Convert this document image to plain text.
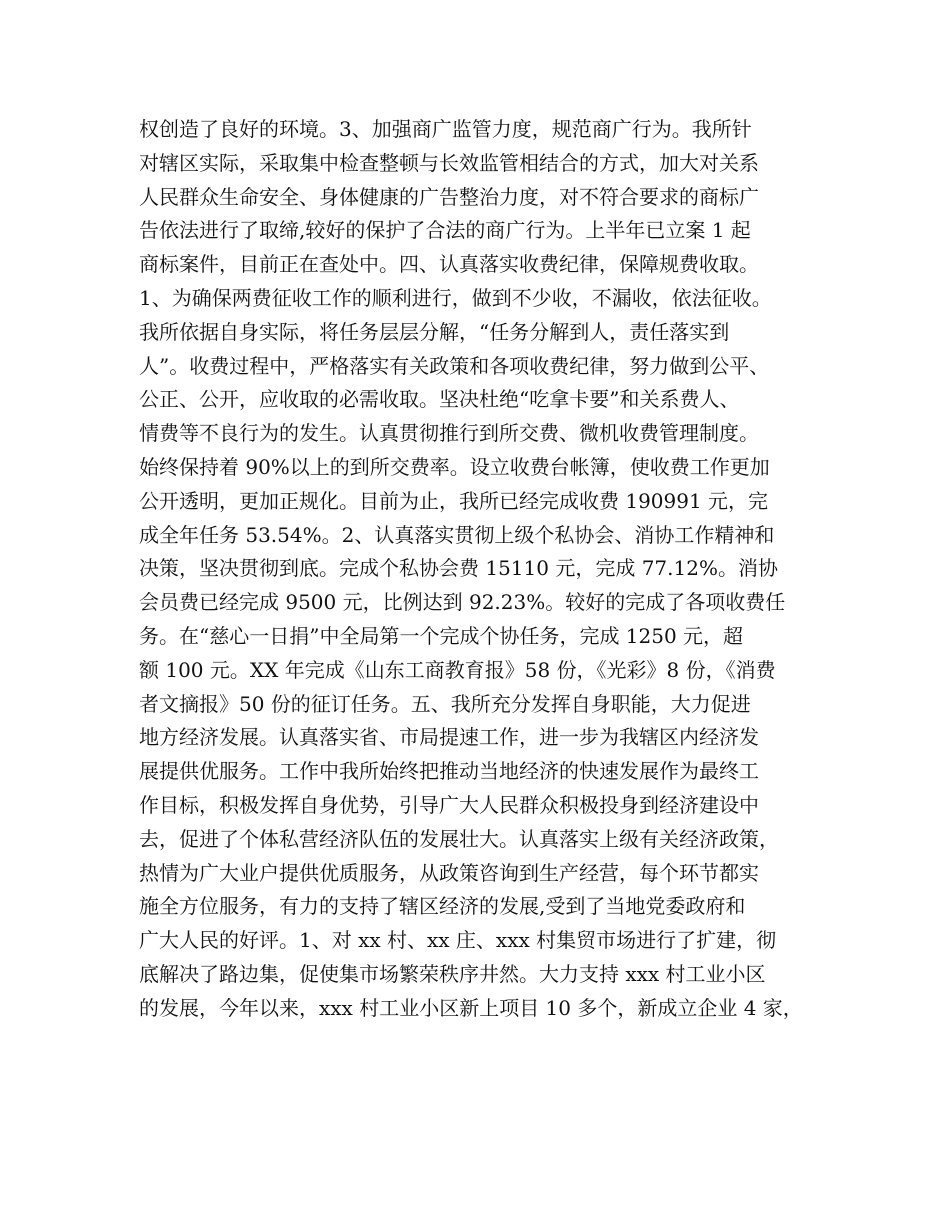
权创造了良好的环境。3、加强商广监管力度，规范商广行为。我所针
对辖区实际，采取集中检查整顿与长效监管相结合的方式，加大对关系
人民群众生命安全、身体健康的广告整治力度，对不符合要求的商标广
告依法进行了取缔,较好的保护了合法的商广行为。上半年已立案 1 起
商标案件，目前正在查处中。四、认真落实收费纪律，保障规费收取。
1、为确保两费征收工作的顺利进行，做到不少收，不漏收，依法征收。
我所依据自身实际，将任务层层分解，“任务分解到人，责任落实到
人”。收费过程中，严格落实有关政策和各项收费纪律，努力做到公平、
公正、公开，应收取的必需收取。坚决杜绝“吃拿卡要”和关系费人、
情费等不良行为的发生。认真贯彻推行到所交费、微机收费管理制度。
始终保持着 90%以上的到所交费率。设立收费台帐簿，使收费工作更加
公开透明，更加正规化。目前为止，我所已经完成收费 190991 元，完
成全年任务 53.54%。2、认真落实贯彻上级个私协会、消协工作精神和
决策，坚决贯彻到底。完成个私协会费 15110 元，完成 77.12%。消协
会员费已经完成 9500 元，比例达到 92.23%。较好的完成了各项收费任
务。在“慈心一日捐”中全局第一个完成个协任务，完成 1250 元，超
额 100 元。XX 年完成《山东工商教育报》58 份，《光彩》8 份，《消费
者文摘报》50 份的征订任务。五、我所充分发挥自身职能，大力促进
地方经济发展。认真落实省、市局提速工作，进一步为我辖区内经济发
展提供优服务。工作中我所始终把推动当地经济的快速发展作为最终工
作目标，积极发挥自身优势，引导广大人民群众积极投身到经济建设中
去，促进了个体私营经济队伍的发展壮大。认真落实上级有关经济政策，
热情为广大业户提供优质服务，从政策咨询到生产经营，每个环节都实
施全方位服务，有力的支持了辖区经济的发展,受到了当地党委政府和
广大人民的好评。1、对 xx 村、xx 庄、xxx 村集贸市场进行了扩建，彻
底解决了路边集，促使集市场繁荣秩序井然。大力支持 xxx 村工业小区
的发展，今年以来，xxx 村工业小区新上项目 10 多个，新成立企业 4 家，
